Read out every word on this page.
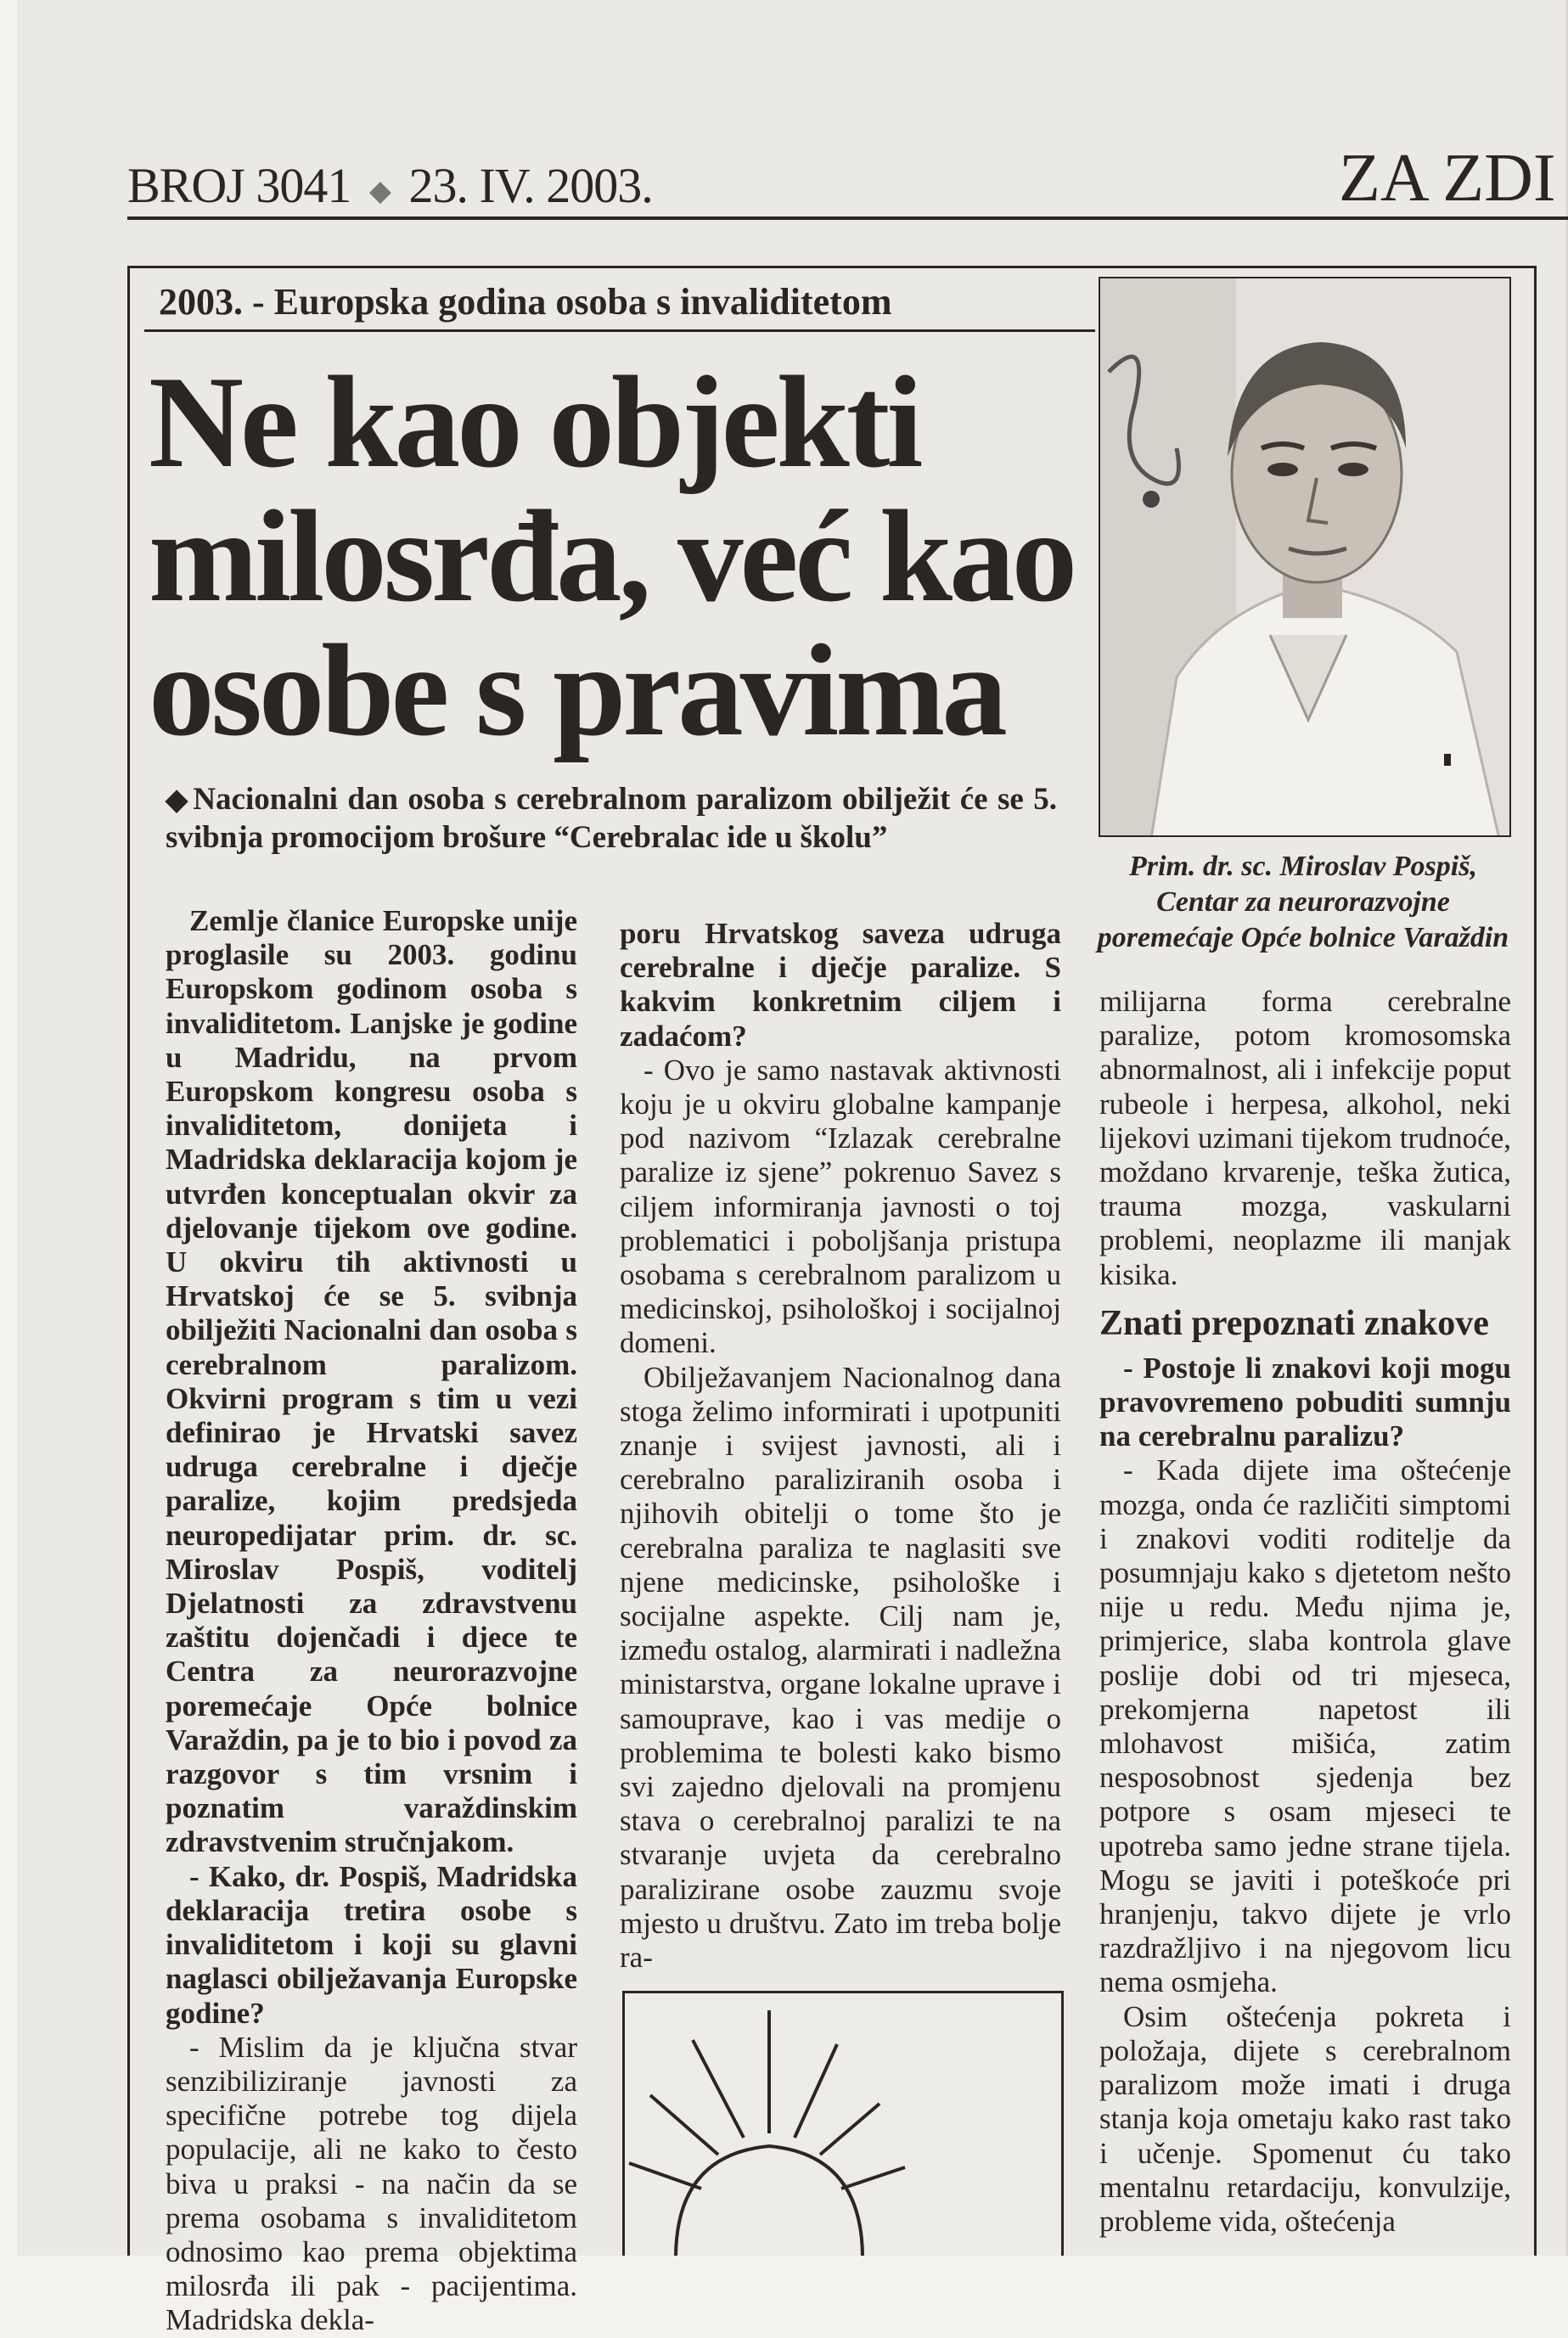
BROJ 3041 ◆ 23. IV. 2003.	ZA ZDI
2003. - Europska godina osoba s invaliditetom
Ne kao objekti milosrđa, već kao osobe s pravima
◆ Nacionalni dan osoba s cerebralnom paralizom obilježit će se 5. svibnja promocijom brošure “Cerebralac ide u školu”
Prim. dr. sc. Miroslav Pospiš, Centar za neurorazvojne poremećaje Opće bolnice Varaždin

Zemlje članice Europske unije proglasile su 2003. godinu Europskom godinom osoba s invaliditetom. Lanjske je godine u Madridu, na prvom Europskom kongresu osoba s invaliditetom, donijeta i Madridska deklaracija kojom je utvrđen konceptualan okvir za djelovanje tijekom ove godine. U okviru tih aktivnosti u Hrvatskoj će se 5. svibnja obilježiti Nacionalni dan osoba s cerebralnom paralizom. Okvirni program s tim u vezi definirao je Hrvatski savez udruga cerebralne i dječje paralize, kojim predsjeda neuropedijatar prim. dr. sc. Miroslav Pospiš, voditelj Djelatnosti za zdravstvenu zaštitu dojenčadi i djece te Centra za neurorazvojne poremećaje Opće bolnice Varaždin, pa je to bio i povod za razgovor s tim vrsnim i poznatim varaždinskim zdravstvenim stručnjakom.

- Kako, dr. Pospiš, Madridska deklaracija tretira osobe s invaliditetom i koji su glavni naglasci obilježavanja Europske godine?

- Mislim da je ključna stvar senzibiliziranje javnosti za specifične potrebe tog dijela populacije, ali ne kako to često biva u praksi - na način da se prema osobama s invaliditetom odnosimo kao prema objektima milosrđa ili pak - pacijentima. Madridska dekla-

poru Hrvatskog saveza udruga cerebralne i dječje paralize. S kakvim konkretnim ciljem i zadaćom?

- Ovo je samo nastavak aktivnosti koju je u okviru globalne kampanje pod nazivom “Izlazak cerebralne paralize iz sjene” pokrenuo Savez s ciljem informiranja javnosti o toj problematici i poboljšanja pristupa osobama s cerebralnom paralizom u medicinskoj, psihološkoj i socijalnoj domeni.

Obilježavanjem Nacionalnog dana stoga želimo informirati i upotpuniti znanje i svijest javnosti, ali i cerebralno paraliziranih osoba i njihovih obitelji o tome što je cerebralna paraliza te naglasiti sve njene medicinske, psihološke i socijalne aspekte. Cilj nam je, između ostalog, alarmirati i nadležna ministarstva, organe lokalne uprave i samouprave, kao i vas medije o problemima te bolesti kako bismo svi zajedno djelovali na promjenu stava o cerebralnoj paralizi te na stvaranje uvjeta da cerebralno paralizirane osobe zauzmu svoje mjesto u društvu. Zato im treba bolje ra-

milijarna forma cerebralne paralize, potom kromosomska abnormalnost, ali i infekcije poput rubeole i herpesa, alkohol, neki lijekovi uzimani tijekom trudnoće, moždano krvarenje, teška žutica, trauma mozga, vaskularni problemi, neoplazme ili manjak kisika.

Znati prepoznati znakove

- Postoje li znakovi koji mogu pravovremeno pobuditi sumnju na cerebralnu paralizu?

- Kada dijete ima oštećenje mozga, onda će različiti simptomi i znakovi voditi roditelje da posumnjaju kako s djetetom nešto nije u redu. Među njima je, primjerice, slaba kontrola glave poslije dobi od tri mjeseca, prekomjerna napetost ili mlohavost mišića, zatim nesposobnost sjedenja bez potpore s osam mjeseci te upotreba samo jedne strane tijela. Mogu se javiti i poteškoće pri hranjenju, takvo dijete je vrlo razdražljivo i na njegovom licu nema osmjeha.

Osim oštećenja pokreta i položaja, dijete s cerebralnom paralizom može imati i druga stanja koja ometaju kako rast tako i učenje. Spomenut ću tako mentalnu retardaciju, konvulzije, probleme vida, oštećenja
